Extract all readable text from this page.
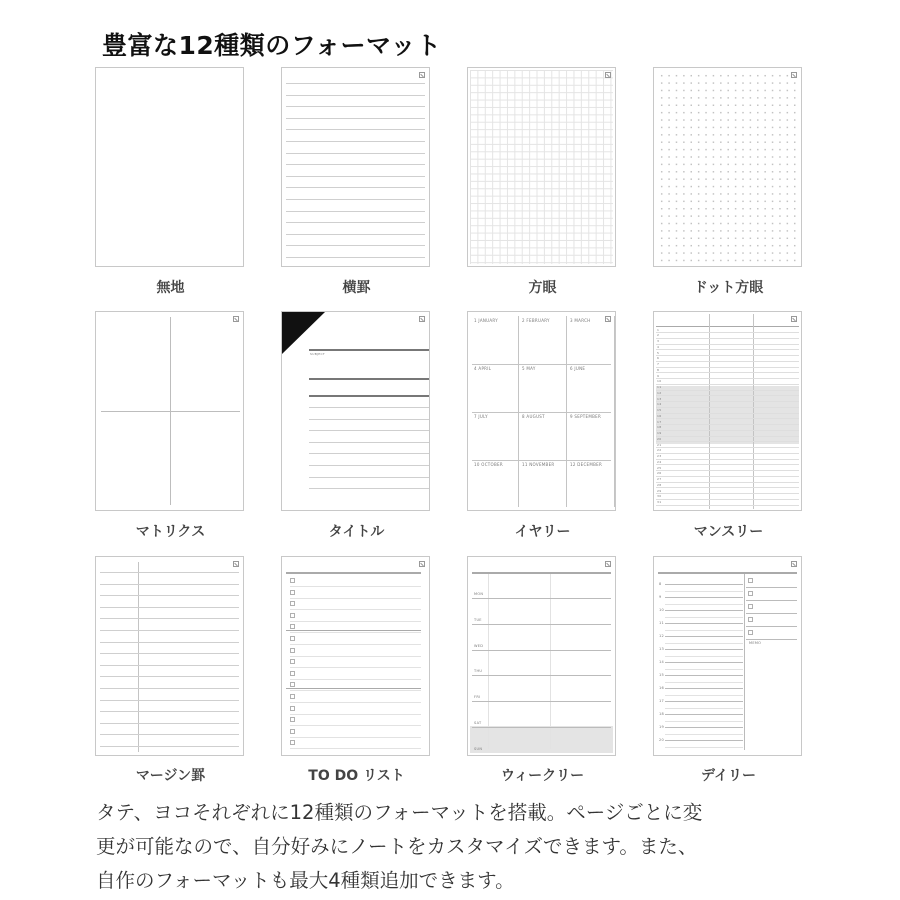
豊富な12種類のフォーマット
無地	横罫	方眼	ドット方眼
マトリクス
SUBJECT
タイトル
1 JANUARY	2 FEBRUARY	3 MARCH
4 APRIL	5 MAY	6 JUNE
7 JULY	8 AUGUST	9 SEPTEMBER
10 OCTOBER	11 NOVEMBER	12 DECEMBER
イヤリー
1
2
3
4
5
6
7
8
9
10
11
12
13
14
15
16
17
18
19
20
21
22
23
24
25
26
27
28
29
30
31
マンスリー
マージン罫	TO DO リスト
MON
TUE
WED
THU
FRI
SAT
SUN
ウィークリー
8
9
10
11
12
13
14
15
16
17
18
19
20
MEMO
デイリー
タテ、ヨコそれぞれに12種類のフォーマットを搭載。ページごとに変
更が可能なので、自分好みにノートをカスタマイズできます。また、
自作のフォーマットも最大4種類追加できます。
